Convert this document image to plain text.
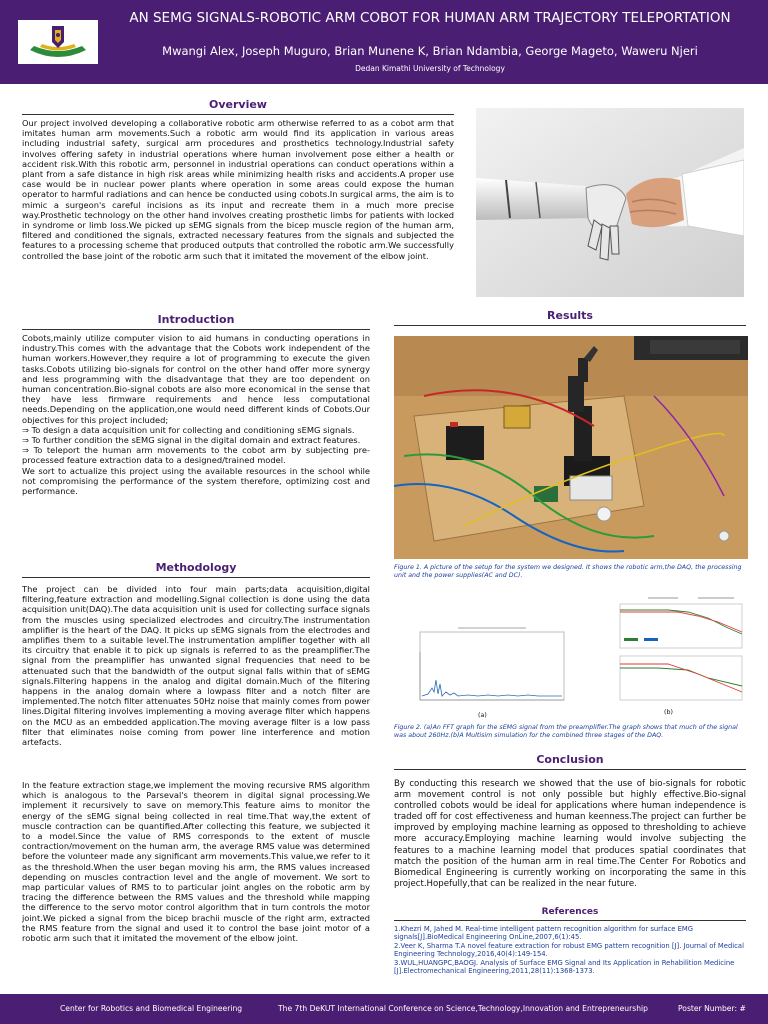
AN SEMG SIGNALS-ROBOTIC ARM COBOT FOR HUMAN ARM TRAJECTORY TELEPORTATION
Mwangi Alex, Joseph Muguro, Brian Munene K, Brian Ndambia, George Mageto, Waweru Njeri
Dedan Kimathi University of Technology
Overview
Our project involved developing a collaborative robotic arm otherwise referred to as a cobot arm that imitates human arm movements.Such a robotic arm would find its application in various areas including industrial safety, surgical arm procedures and prosthetics technology.Industrial safety involves offering safety in industrial operations where human involvement pose either a health or accident risk.With this robotic arm, personnel in industrial operations can conduct operations within a plant from a safe distance in high risk areas while minimizing health risks and accidents.A proper use case would be in nuclear power plants where operation in some areas could expose the human operator to harmful radiations and can hence be conducted using cobots.In surgical arms, the aim is to mimic a surgeon's careful incisions as its input and recreate them in a much more precise way.Prosthetic technology on the other hand involves creating prosthetic limbs for patients with locked in syndrome or limb loss.We picked up sEMG signals from the bicep muscle region of the human arm, filtered and conditioned the signals, extracted necessary features from the signals and subjected the features to a processing scheme that produced outputs that controlled the robotic arm.We successfully controlled the base joint of the robotic arm such that it imitated the movement of the elbow joint.
Introduction
Cobots,mainly utilize computer vision to aid humans in conducting operations in industry.This comes with the advantage that the Cobots work independent of the human workers.However,they require a lot of programming to execute the given tasks.Cobots utilizing bio-signals for control on the other hand offer more synergy and less programming with the disadvantage that they are too dependent on human concentration.Bio-signal cobots are also more economical in the sense that they have less firmware requirements and hence less computational needs.Depending on the application,one would need different kinds of Cobots.Our objectives for this project included;
⇒ To design a data acquisition unit for collecting and conditioning sEMG signals.
⇒ To further condition the sEMG signal in the digital domain and extract features.
⇒ To teleport the human arm movements to the cobot arm by subjecting pre-processed feature extraction data to a designed/trained model.
We sort to actualize this project using the available resources in the school while not compromising the performance of the system therefore, optimizing cost and performance.
Methodology
The project can be divided into four main parts;data acquisition,digital filtering,feature extraction and modelling.Signal collection is done using the data acquisition unit(DAQ).The data acquisition unit is used for collecting surface signals from the muscles using specialized electrodes and circuitry.The instrumentation amplifier is the heart of the DAQ. It picks up sEMG signals from the electrodes and amplifies them to a suitable level.The instrumentation amplifier together with all its circuitry that enable it to pick up signals is referred to as the preamplifier.The signal from the preamplifier has unwanted signal frequencies that need to be attenuated such that the bandwidth of the output signal falls within that of sEMG signals.Filtering happens in the analog and digital domain.Much of the filtering happens in the analog domain where a lowpass filter and a notch filter are implemented.The notch filter attenuates 50Hz noise that mainly comes from power lines.Digital filtering involves implementing a moving average filter which happens on the MCU as an embedded application.The moving average filter is a low pass filter that eliminates noise coming from power line interference and motion artefacts.
In the feature extraction stage,we implement the moving recursive RMS algorithm which is analogous to the Parseval's theorem in digital signal processing.We implement it recursively to save on memory.This feature aims to monitor the energy of the sEMG signal being collected in real time.That way,the extent of muscle contraction can be quantified.After collecting this feature, we subjected it to a model.Since the value of RMS corresponds to the extent of muscle contraction/movement on the human arm, the average RMS value was determined before the volunteer made any significant arm movements.This value,we refer to it as the threshold.When the user began moving his arm, the RMS values increased depending on muscles contraction level and the angle of movement. We sort to map particular values of RMS to to particular joint angles on the robotic arm by tracing the difference between the RMS values and the threshold while mapping the difference to the servo motor control algorithm that in turn controls the motor joint.We picked a signal from the bicep brachii muscle of the right arm, extracted the RMS feature from the signal and used it to control the base joint motor of a robotic arm such that it imitated the movement of the elbow joint.
Results
Figure 1. A picture of the setup for the system we designed. It shows the robotic arm,the DAQ, the processing unit and the power supplies(AC and DC).
(a)	(b)
Figure 2. (a)An FFT graph for the sEMG signal from the preamplifier.The graph shows that much of the signal was about 260Hz.(b)A Multisim simulation for the combined three stages of the DAQ.
Conclusion
By conducting this research we showed that the use of bio-signals for robotic arm movement control is not only possible but highly effective.Bio-signal controlled cobots would be ideal for applications where human independence is traded off for cost effectiveness and human keenness.The project can further be improved by employing machine learning as opposed to thresholding to achieve more accuracy.Employing machine learning would involve subjecting the features to a machine learning model that produces spatial coordinates that match the position of the human arm in real time.The Center For Robotics and Biomedical Engineering is currently working on incorporating the same in this project.Hopefully,that can be realized in the near future.
References
1.Khezri M, Jahed M. Real-time intelligent pattern recognition algorithm for surface EMG signals[J].BioMedical Engineering OnLine,2007,6(1):45.
2.Veer K, Sharma T.A novel feature extraction for robust EMG pattern recognition [J]. Journal of Medical Engineering Technology,2016,40(4):149-154.
3.WUL,HUANGPC,BAOGJ. Analysis of Surface EMG Signal and Its Application in Rehabilition Medicine [J].Electromechanical Engineering,2011,28(11):1368-1373.
Center for Robotics and Biomedical Engineering	The 7th DeKUT International Conference on Science,Technology,Innovation and Entrepreneurship	Poster Number: #
